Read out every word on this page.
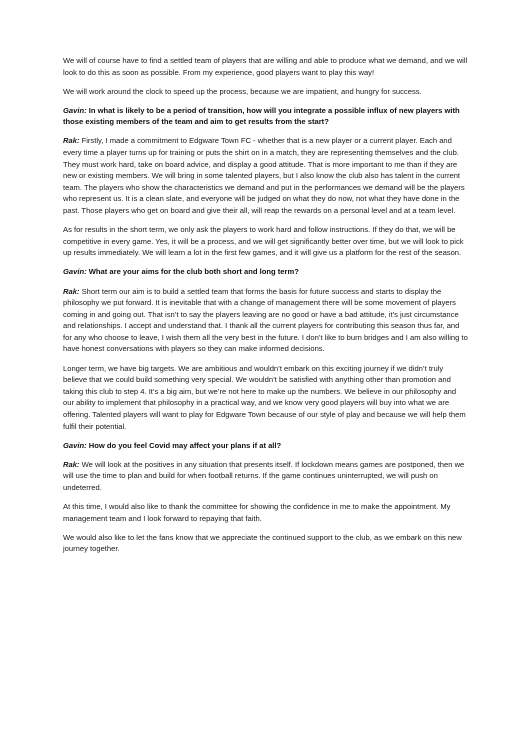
We will of course have to find a settled team of players that are willing and able to produce what we demand, and we will look to do this as soon as possible. From my experience, good players want to play this way!

We will work around the clock to speed up the process, because we are impatient, and hungry for success.

Gavin: In what is likely to be a period of transition, how will you integrate a possible influx of new players with those existing members of the team and aim to get results from the start?

Rak: Firstly, I made a commitment to Edgware Town FC - whether that is a new player or a current player. Each and every time a player turns up for training or puts the shirt on in a match, they are representing themselves and the club. They must work hard, take on board advice, and display a good attitude. That is more important to me than if they are new or existing members. We will bring in some talented players, but I also know the club also has talent in the current team. The players who show the characteristics we demand and put in the performances we demand will be the players who represent us. It is a clean slate, and everyone will be judged on what they do now, not what they have done in the past. Those players who get on board and give their all, will reap the rewards on a personal level and at a team level.

As for results in the short term, we only ask the players to work hard and follow instructions. If they do that, we will be competitive in every game. Yes, it will be a process, and we will get significantly better over time, but we will look to pick up results immediately. We will learn a lot in the first few games, and it will give us a platform for the rest of the season.

Gavin: What are your aims for the club both short and long term?

Rak: Short term our aim is to build a settled team that forms the basis for future success and starts to display the philosophy we put forward. It is inevitable that with a change of management there will be some movement of players coming in and going out. That isn’t to say the players leaving are no good or have a bad attitude, it’s just circumstance and relationships. I accept and understand that. I thank all the current players for contributing this season thus far, and for any who choose to leave, I wish them all the very best in the future. I don’t like to burn bridges and I am also willing to have honest conversations with players so they can make informed decisions.

Longer term, we have big targets. We are ambitious and wouldn’t embark on this exciting journey if we didn’t truly believe that we could build something very special. We wouldn’t be satisfied with anything other than promotion and taking this club to step 4. It’s a big aim, but we’re not here to make up the numbers. We believe in our philosophy and our ability to implement that philosophy in a practical way, and we know very good players will buy into what we are offering. Talented players will want to play for Edgware Town because of our style of play and because we will help them fulfil their potential.

Gavin: How do you feel Covid may affect your plans if at all?

Rak: We will look at the positives in any situation that presents itself. If lockdown means games are postponed, then we will use the time to plan and build for when football returns. If the game continues uninterrupted, we will push on undeterred.

At this time, I would also like to thank the committee for showing the confidence in me to make the appointment. My management team and I look forward to repaying that faith.

We would also like to let the fans know that we appreciate the continued support to the club, as we embark on this new journey together.
